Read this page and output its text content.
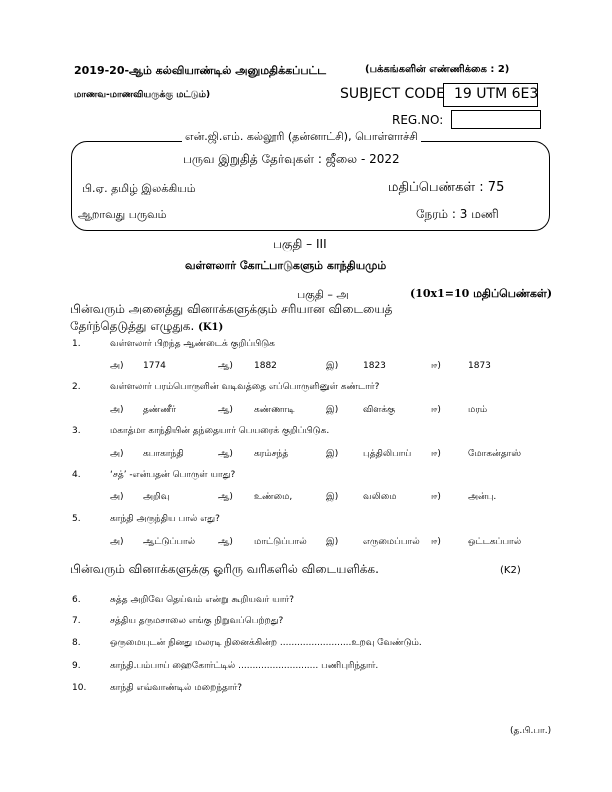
2019-20-ஆம் கல்வியாண்டில் அனுமதிக்கப்பட்ட	(பக்கங்களின் எண்ணிக்கை : 2)
மாணவ-மாணவியருக்கு மட்டும்)	SUBJECT CODE 19 UTM 6E3
REG.NO:
என்.ஜி.எம். கல்லூரி (தன்னாட்சி), பொள்ளாச்சி
பருவ இறுதித் தேர்வுகள் : ஜீலை - 2022
பி.ஏ. தமிழ் இலக்கியம்	மதிப்பெண்கள் : 75
ஆறாவது பருவம்	நேரம் : 3 மணி
பகுதி – III
வள்ளலார் கோட்பாடுகளும் காந்தியமும்
பகுதி – அ	(10x1=10 மதிப்பெண்கள்)
பின்வரும் அனைத்து வினாக்களுக்கும் சரியான விடையைத்
தேர்ந்தெடுத்து எழுதுக. (K1)
1.	வள்ளலார் பிறந்த ஆண்டைக் குறிப்பிடுக
அ) 1774	ஆ) 1882	இ)	1823	ஈ)	1873
2.	வள்ளலார் பரம்பொருளின் வடிவத்தை எப்பொருளினுள் கண்டார்?
அ) தண்ணீர்	ஆ) கண்ணாடி	இ)	விளக்கு	ஈ)	மரம்
3.	மகாத்மா காந்தியின் தந்தையார் பெயரைக் குறிப்பிடுக.
அ) கபாகாந்தி	ஆ) கரம்சந்த்	இ)	புத்திலிபாய் ஈ)	மோகன்தாஸ்
4.	‘சத்’ -என்பதன் பொருள் யாது?
அ) அறிவு	ஆ) உண்மை,	இ)	வலிமை	ஈ)	அன்பு.
5.	காந்தி அருந்திய பால் எது?
அ) ஆட்டுப்பால்	ஆ) மாட்டுப்பால் இ)	எருமைப்பால் ஈ)	ஒட்டகப்பால்
பின்வரும் வினாக்களுக்கு ஓரிரு வரிகளில் விடையளிக்க.	(K2)
6.	சுத்த அறிவே தெய்வம் என்று கூறியவர் யார்?
7.	சத்திய தருமசாலை எங்கு நிறுவப்பெற்றது?
8.	ஒருமையுடன் நினது மலரடி நினைக்கின்ற .........................உறவு வேண்டும்.
9.	காந்தி.பம்பாய் ஹைகோர்ட்டில் ............................ பணிபுரிந்தார்.
10.	காந்தி எவ்வாண்டில் மறைந்தார்?
(த.பி.பா.)
